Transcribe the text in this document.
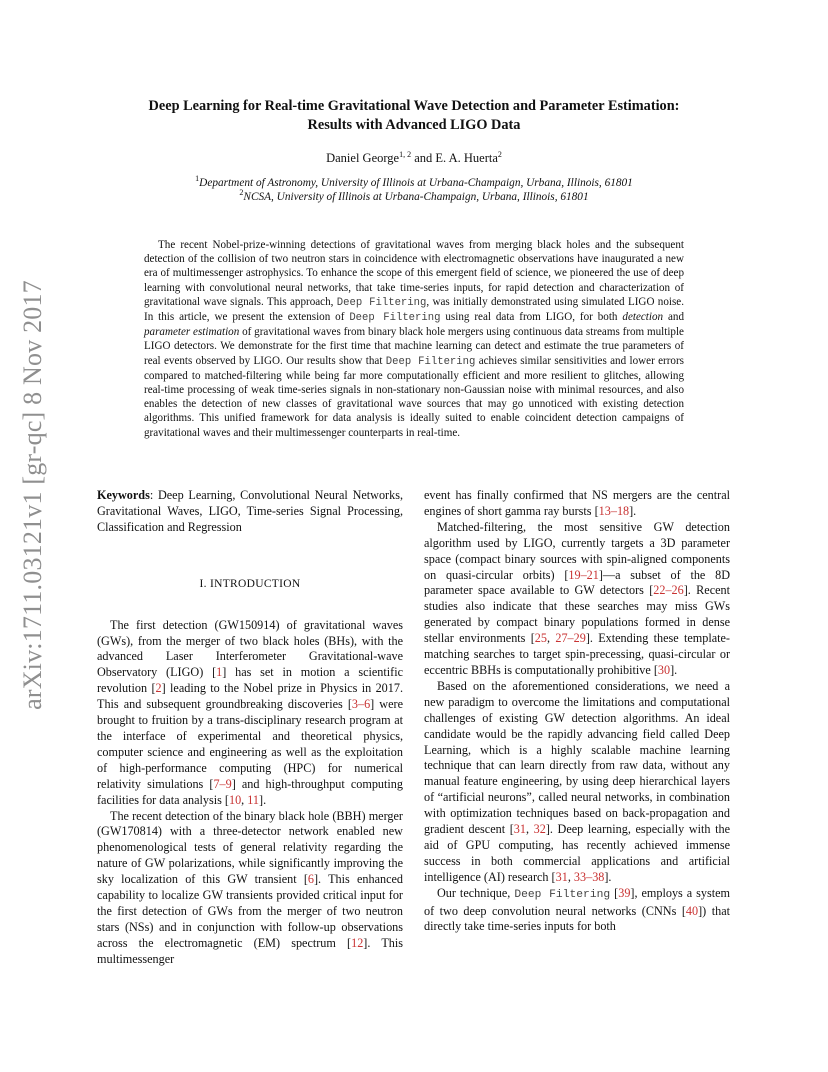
arXiv:1711.03121v1 [gr-qc] 8 Nov 2017
Deep Learning for Real-time Gravitational Wave Detection and Parameter Estimation:
Results with Advanced LIGO Data
Daniel George$^{1, 2}$ and E. A. Huerta$^2$
$^1$Department of Astronomy, University of Illinois at Urbana-Champaign, Urbana, Illinois, 61801
$^2$NCSA, University of Illinois at Urbana-Champaign, Urbana, Illinois, 61801
The recent Nobel-prize-winning detections of gravitational waves from merging black holes and the subsequent detection of the collision of two neutron stars in coincidence with electromagnetic observations have inaugurated a new era of multimessenger astrophysics. To enhance the scope of this emergent field of science, we pioneered the use of deep learning with convolutional neural networks, that take time-series inputs, for rapid detection and characterization of gravitational wave signals. This approach, Deep Filtering, was initially demonstrated using simulated LIGO noise. In this article, we present the extension of Deep Filtering using real data from LIGO, for both detection and parameter estimation of gravitational waves from binary black hole mergers using continuous data streams from multiple LIGO detectors. We demonstrate for the first time that machine learning can detect and estimate the true parameters of real events observed by LIGO. Our results show that Deep Filtering achieves similar sensitivities and lower errors compared to matched-filtering while being far more computationally efficient and more resilient to glitches, allowing real-time processing of weak time-series signals in non-stationary non-Gaussian noise with minimal resources, and also enables the detection of new classes of gravitational wave sources that may go unnoticed with existing detection algorithms. This unified framework for data analysis is ideally suited to enable coincident detection campaigns of gravitational waves and their multimessenger counterparts in real-time.

Keywords: Deep Learning, Convolutional Neural Networks, Gravitational Waves, LIGO, Time-series Signal Processing, Classification and Regression

I. INTRODUCTION

The first detection (GW150914) of gravitational waves (GWs), from the merger of two black holes (BHs), with the advanced Laser Interferometer Gravitational-wave Observatory (LIGO) [1] has set in motion a scientific revolution [2] leading to the Nobel prize in Physics in 2017. This and subsequent groundbreaking discoveries [3–6] were brought to fruition by a trans-disciplinary research program at the interface of experimental and theoretical physics, computer science and engineering as well as the exploitation of high-performance computing (HPC) for numerical relativity simulations [7–9] and high-throughput computing facilities for data analysis [10, 11].

The recent detection of the binary black hole (BBH) merger (GW170814) with a three-detector network enabled new phenomenological tests of general relativity regarding the nature of GW polarizations, while significantly improving the sky localization of this GW transient [6]. This enhanced capability to localize GW transients provided critical input for the first detection of GWs from the merger of two neutron stars (NSs) and in conjunction with follow-up observations across the electromagnetic (EM) spectrum [12]. This multimessenger

event has finally confirmed that NS mergers are the central engines of short gamma ray bursts [13–18].

Matched-filtering, the most sensitive GW detection algorithm used by LIGO, currently targets a 3D parameter space (compact binary sources with spin-aligned components on quasi-circular orbits) [19–21]—a subset of the 8D parameter space available to GW detectors [22–26]. Recent studies also indicate that these searches may miss GWs generated by compact binary populations formed in dense stellar environments [25, 27–29]. Extending these template-matching searches to target spin-precessing, quasi-circular or eccentric BBHs is computationally prohibitive [30].

Based on the aforementioned considerations, we need a new paradigm to overcome the limitations and computational challenges of existing GW detection algorithms. An ideal candidate would be the rapidly advancing field called Deep Learning, which is a highly scalable machine learning technique that can learn directly from raw data, without any manual feature engineering, by using deep hierarchical layers of “artificial neurons”, called neural networks, in combination with optimization techniques based on back-propagation and gradient descent [31, 32]. Deep learning, especially with the aid of GPU computing, has recently achieved immense success in both commercial applications and artificial intelligence (AI) research [31, 33–38].

Our technique, Deep Filtering [39], employs a system of two deep convolution neural networks (CNNs [40]) that directly take time-series inputs for both
